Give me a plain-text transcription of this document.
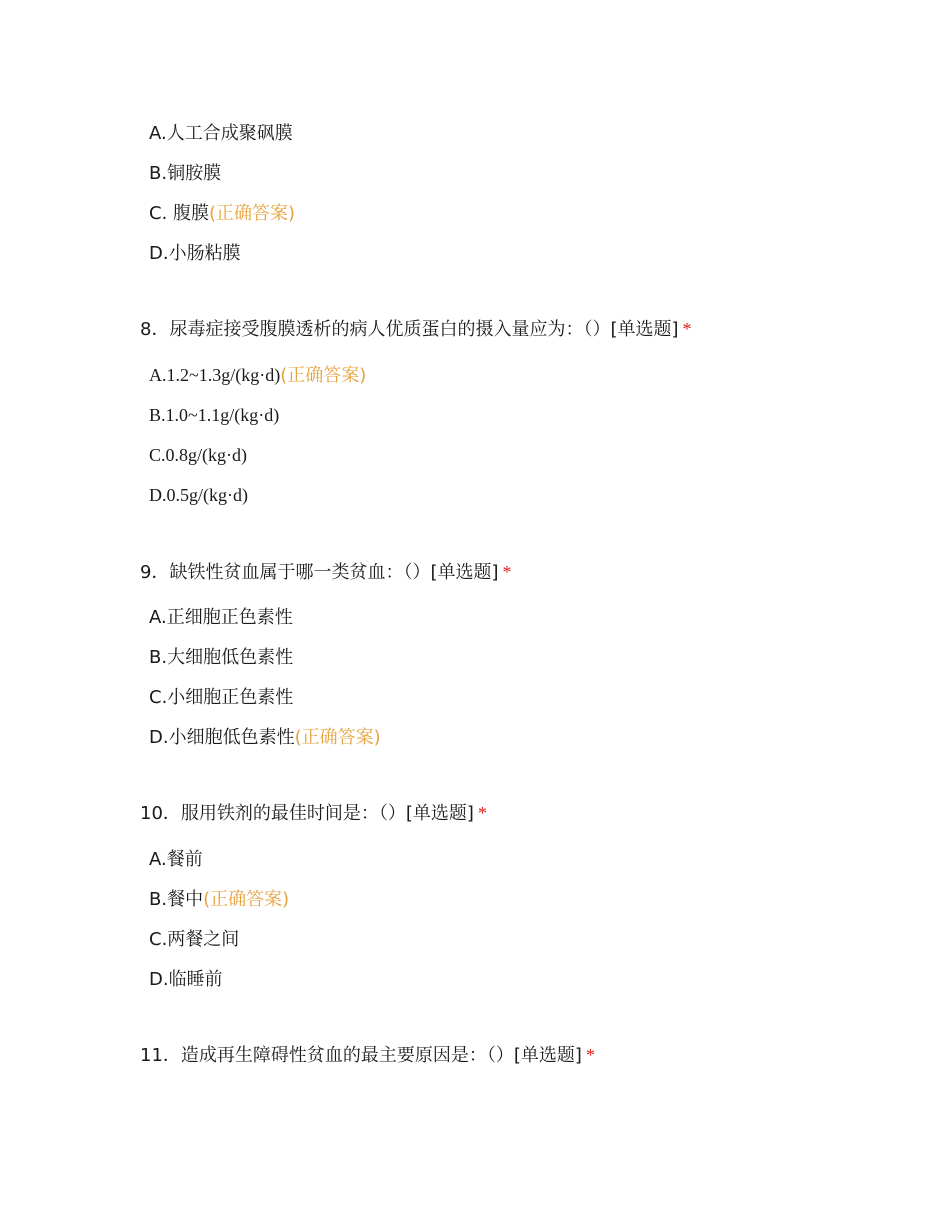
A.人工合成聚砜膜
B.铜胺膜
C. 腹膜(正确答案)
D.小肠粘膜
8．尿毒症接受腹膜透析的病人优质蛋白的摄入量应为：（）[单选题] *
A.1.2~1.3g/(kg·d)(正确答案)
B.1.0~1.1g/(kg·d)
C.0.8g/(kg·d)
D.0.5g/(kg·d)
9．缺铁性贫血属于哪一类贫血：（）[单选题] *
A.正细胞正色素性
B.大细胞低色素性
C.小细胞正色素性
D.小细胞低色素性(正确答案)
10．服用铁剂的最佳时间是：（）[单选题] *
A.餐前
B.餐中(正确答案)
C.两餐之间
D.临睡前
11．造成再生障碍性贫血的最主要原因是：（）[单选题] *
